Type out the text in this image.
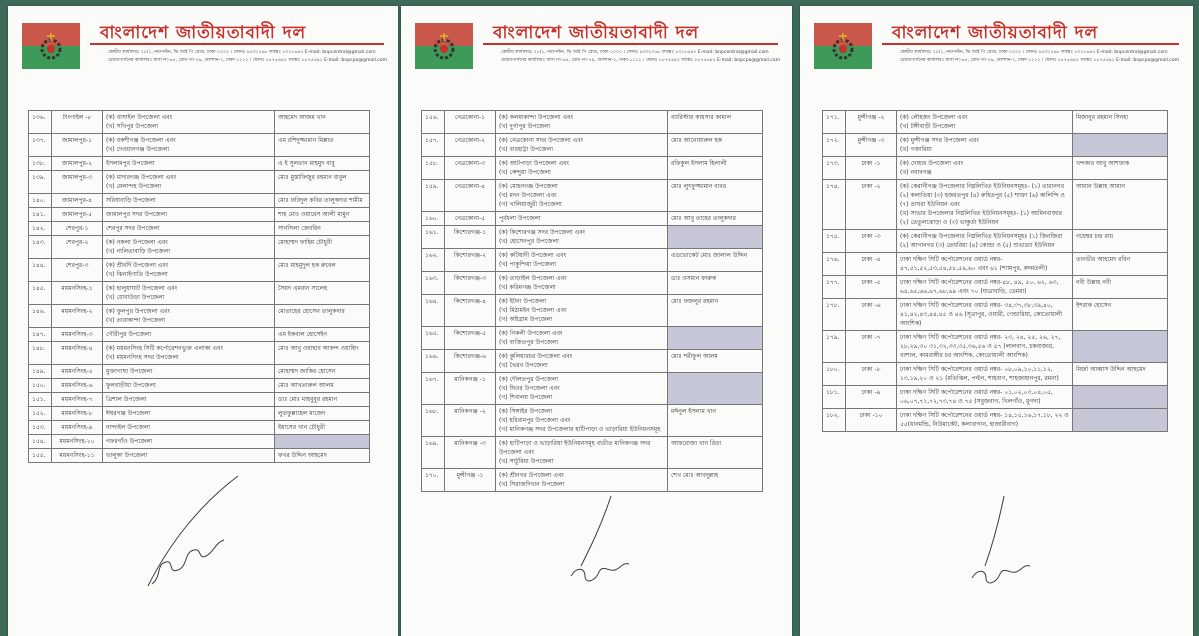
বাংলাদেশ জাতীয়তাবাদী দল
কেন্দ্রীয় কার্যালয়ঃ ২৮/১, নয়াপল্টন, ভি আই পি রোড, ঢাকা-১০০০ । ফোনঃ ৯৩৩১০৬৮ ফ্যাক্সঃ ৮৩১৮৬৯৭ E-mail: bnpcentral@gmail.com
চেয়ারপার্সনের কার্যালয়ঃ বাসা নং-৬৫, রোড নং-৭৯, গুলশান-২, ঢাকা-১২১২ । ফোনঃ ৮৮৭৫৬৯২ ফ্যাক্সঃ ৮৮৭৫৬৯২ E-mail: bnpcpo@gmail.com
১৩৬.	টাংগাইল -৮	(ক) বাসাইল উপজেলা এবং
(খ) সখিপুর উপজেলা	আহমেদ আজম খান
১৩৭.	জামালপুর-১	(ক) বকশীগঞ্জ উপজেলা এবং
(খ) দেওয়ানগঞ্জ উপজেলা	এম রশিদুজ্জামান মিল্লাত
১৩৮.	জামালপুর-২	ইসলামপুর উপজেলা	এ ই সুলতান মাহমুদ বাবু
১৩৯.	জামালপুর-৩	(ক) মাদারগঞ্জ উপজেলা এবং
(খ) মেলান্দহ উপজেলা	মোঃ মুস্তাফিজুর রহমান বাবুল
১৪০.	জামালপুর-৪	সরিষাবাড়ি উপজেলা	মোঃ ফরিদুল কবির তালুকদার শামীম
১৪১.	জামালপুর-৫	জামালপুর সদর উপজেলা	শাহ মোঃ ওয়ারেস আলী মামুন
১৪২.	শেরপুর-১	শেরপুর সদর উপজেলা	সানসিলা জেবরিন
১৪৩.	শেরপুর-২	(ক) নকলা উপজেলা এবং
(খ) নালিতাবাড়ি উপজেলা	মোহাম্মদ ফাহিম চৌধুরী
১৪৪.	শেরপুর-৩	(ক) শ্রীবর্দি উপজেলা এবং
(খ) ঝিনাইগাতি উপজেলা	মোঃ মাহমুদুল হক রুবেল
১৪৫.	ময়মনসিংহ-১	(ক) হালুয়াঘাট উপজেলা এবং
(খ) ধোবাউড়া উপজেলা	সৈয়দ এমরান সালেহ
১৪৬.	ময়মনসিংহ-২	(ক) ফুলপুর উপজেলা এবং
(খ) তারাকান্দা উপজেলা	মোতাহের হোসেন তালুকদার
১৪৭.	ময়মনসিংহ-৩	গৌরীপুর উপজেলা	এম ইকবাল হোসেইন
১৪৮.	ময়মনসিংহ-৪	(ক) ময়মনসিংহ সিটি কর্পোরেশনভুক্ত এলাকা এবং
(খ) ময়মনসিংহ সদর উপজেলা	মোঃ আবু ওয়াহাব আকন্দ ওয়াহিদ
১৪৯.	ময়মনসিংহ-৫	মুক্তাগাছা উপজেলা	মোহাম্মদ জাকির হোসেন
১৫০.	ময়মনসিংহ-৬	ফুলবাড়ীয়া উপজেলা	মোঃ আখতারুল আলম
১৫১.	ময়মনসিংহ-৭	ত্রিশাল উপজেলা	ডাঃ মোঃ মাহবুবুর রহমান
১৫২.	ময়মনসিংহ-৮	ঈশ্বরগঞ্জ উপজেলা	লুতফুল্লাহেল মাজেদ
১৫৩.	ময়মনসিংহ-৯	নান্দাইল উপজেলা	ইয়াসের খান চৌধুরী
১৫৪.	ময়মনসিংহ-১০	গফরগাঁও উপজেলা	

১৫৫.	ময়মনসিংহ-১১	ভালুকা উপজেলা	ফখর উদ্দিন আহমেদ
বাংলাদেশ জাতীয়তাবাদী দল
কেন্দ্রীয় কার্যালয়ঃ ২৮/১, নয়াপল্টন, ভি আই পি রোড, ঢাকা-১০০০ । ফোনঃ ৯৩৩১০৬৮ ফ্যাক্সঃ ৮৩১৮৬৯৭ E-mail: bnpcentral@gmail.com
চেয়ারপার্সনের কার্যালয়ঃ বাসা নং-৬৫, রোড নং-৭৯, গুলশান-২, ঢাকা-১২১২ । ফোনঃ ৮৮৭৫৬৯২ ফ্যাক্সঃ ৮৮৭৫৬৯২ E-mail: bnpcpo@gmail.com
১৫৬.	নেত্রকোনা-১	(ক) কলমাকান্দা উপজেলা এবং
(খ) দুর্গাপুর উপজেলা	ব্যারিস্টার কায়সার কামাল
১৫৭.	নেত্রকোনা-২	(ক) নেত্রকোনা সদর উপজেলা এবং
(খ) বারহাট্টা উপজেলা	মোঃ আনোয়ারুল হক
১৫৮.	নেত্রকোনা-৩	(ক) আটপাড়া উপজেলা এবং
(খ) কেন্দুয়া উপজেলা	রফিকুল ইসলাম হিলালী
১৫৯.	নেত্রকোনা-৪	(ক) মোহনগঞ্জ উপজেলা
(খ) মদন উপজেলা এবং
(গ) খালিয়াজুরী উপজেলা	মোঃ লুৎফুজ্জামান বাবর
১৬০.	নেত্রকোনা-৫	পূর্বধলা উপজেলা	মোঃ আবু তাহের তালুকদার
১৬১.	কিশোরগঞ্জ-১	(ক) কিশোরগঞ্জ সদর উপজেলা এবং
(খ) হোসেনপুর উপজেলা	

১৬২.	কিশোরগঞ্জ-২	(ক) কটিয়াদী উপজেলা এবং
(খ) পাকুন্দিয়া উপজেলা	এডভোকেট মোঃ জালাল উদ্দিন
১৬৩.	কিশোরগঞ্জ-৩	(ক) তাড়াইল উপজেলা এবং
(খ) করিমগঞ্জ উপজেলা	ডাঃ ওসমান ফারুক
১৬৪.	কিশোরগঞ্জ-৪	(ক) ইটনা উপজেলা
(খ) মিঠামইন উপজেলা এবং
(গ) অষ্টগ্রাম উপজেলা	মোঃ ফজলুর রহমান
১৬৫.	কিশোরগঞ্জ-৫	(ক) নিকলী উপজেলা এবং
(খ) বাজিতপুর উপজেলা	

১৬৬.	কিশোরগঞ্জ-৬	(ক) কুলিয়ারচর উপজেলা এবং
(খ) ভৈরব উপজেলা	মোঃ শরীফুল আলম
১৬৭.	মানিকগঞ্জ -১	(ক) দৌলতপুর উপজেলা
(খ) ঘিওর উপজেলা এবং
(গ) শিবালয় উপজেলা	

১৬৮.	মানিকগঞ্জ -২	(ক) সিঙ্গাইর উপজেলা
(খ) হরিরামপুর উপজেলা এবং
(গ) মানিকগঞ্জ সদর উপজেলার হাটিপাড়া ও ভাড়ারিয়া ইউনিয়নসমূহ	মঈনুল ইসলাম খান
১৬৯.	মানিকগঞ্জ -৩	(ক) হাটিপাড়া ও ভাড়ারিয়া ইউনিয়নসমূহ ব্যতীত মানিকগঞ্জ সদর উপজেলা এবং
(খ) সাটুরিয়া উপজেলা	আফরোজা খান রিতা
১৭০.	মুন্সীগঞ্জ -১	(ক) শ্রীনগর উপজেলা এবং
(খ) সিরাজদিখান উপজেলা	শেখ মোঃ আবদুল্লাহ
বাংলাদেশ জাতীয়তাবাদী দল
কেন্দ্রীয় কার্যালয়ঃ ২৮/১, নয়াপল্টন, ভি আই পি রোড, ঢাকা-১০০০ । ফোনঃ ৯৩৩১০৬৮ ফ্যাক্সঃ ৮৩১৮৬৯৭ E-mail: bnpcentral@gmail.com
চেয়ারপার্সনের কার্যালয়ঃ বাসা নং-৬৫, রোড নং-৭৯, গুলশান-২, ঢাকা-১২১২ । ফোনঃ ৮৮৭৫৬৯২ ফ্যাক্সঃ ৮৮৭৫৬৯২ E-mail: bnpcpo@gmail.com
১৭১.	মুন্সীগঞ্জ -২	(ক) লৌহজং উপজেলা এবং
(খ) টঙ্গীবাড়ী উপজেলা	মিজানুর রহমান সিনহা
১৭২.	মুন্সীগঞ্জ -৩	(ক) মুন্সীগঞ্জ সদর উপজেলা এবং
(খ) গজারিয়া	

১৭৩.	ঢাকা -১	(ক) দোহার উপজেলা এবং
(খ) নবাবগঞ্জ	খন্দকার আবু আশফাক
১৭৪.	ঢাকা -২	(ক) কেরানীগঞ্জ উপজেলার নিম্নলিখিত ইউনিয়নসমূহঃ- (১) তারানগর (২) কলাতিয়া (৩) হজরতপুর (৪) রুহিতপুর (৫) শাক্তা (৬) কালিন্দি ও (৭) তাঘরা ইউনিয়ন এবং
(খ) সাভার উপজেলার নিম্নলিখিত ইউনিয়নসমূহঃ- (১) আমিনবাজার (২) তেতুলঝোড়া ও (৩) ভাকুর্তা ইউনিয়ন	আমান উল্লাহ আমান
১৭৫.	ঢাকা -৩	(ক) কেরানীগঞ্জ উপজেলার নিম্নলিখিত ইউনিয়নসমূহঃ (১) জিনজিরা (২) আগানগর (৩) তেঘরিয়া (৪) কোন্ডা ও (৫) শুভাড্যা ইউনিয়ন	গয়েশ্বর চন্দ্র রায়
১৭৬.	ঢাকা -৪	ঢাকা দক্ষিণ সিটি কর্পোরেশনের ওয়ার্ড নম্বর- ৪৭,৫১,৫২,৫৩,৫৪,৫৮,৫৯,৬০ এবং ৬১ (শ্যামপুর, কদমতলী)	তানভীর আহমেদ রবিন
১৭৭.	ঢাকা -৫	ঢাকা দক্ষিণ সিটি কর্পোরেশনের ওয়ার্ড নম্বর-৪৮, ৪৯, ৫০, ৬২, ৬৩, ৬৪,৬৫,৬৬,৬৭,৬৮,৬৯ এবং ৭০ (যাত্রাবাড়ি, ডেমরা)	নবী উল্লাহ নবী
১৭৮.	ঢাকা -৬	ঢাকা দক্ষিণ সিটি কর্পোরেশনের ওয়ার্ড নম্বর- ৩৪,৩৭,৩৮,৩৯,৪০, ৪১,৪২,৪৩,৪৪,৪৫ ও ৪৬ (সূত্রাপুর, ওয়ারী, গেন্ডারিয়া, কোতোয়ালী আংশিক)	ইশরাক হোসেন
১৭৯.	ঢাকা -৭	ঢাকা দক্ষিণ সিটি কর্পোরেশনের ওয়ার্ড নম্বর- ২৩, ২৪, ২৫, ২৬, ২৭, ২৮,২৯,৩০ ৩১,৩২,৩৩,৩৫,৩৬,৫৬ ও ৫৭ (লালবাগ, চকবাজার, বংশাল, কামরাঙ্গীর চর আংশিক, কোতোয়ালী আংশিক)	

১৮০.	ঢাকা -৮	ঢাকা দক্ষিণ সিটি কর্পোরেশনের ওয়ার্ড নম্বর- ০৮,০৯,১০,১১,১২, ১৩,১৯,২০ ও ২১ (মতিঝিল, পল্টন, শাহবাগ, শাহজাহানপুর, রমনা)	মির্জা আব্বাস উদ্দিন আহমেদ
১৮১.	ঢাকা -৯	ঢাকা দক্ষিণ সিটি কর্পোরেশনের ওয়ার্ড নম্বর- ০১,০২,০৩,০৪,০৫, ০৬,০৭,৭১,৭২,৭৩,৭৪ ও ৭৫ (সবুজবাগ, খিলগাঁও, মুগদা)	

১৮২.	ঢাকা -১০	ঢাকা দক্ষিণ সিটি কর্পোরেশনের ওয়ার্ড নম্বর- ১৪,১৫,১৬,১৭,১৮, ২২ ও ৫৫(ধানমন্ডি, নিউমার্কেট, কলাবাগান, হাজারীবাগ)	
